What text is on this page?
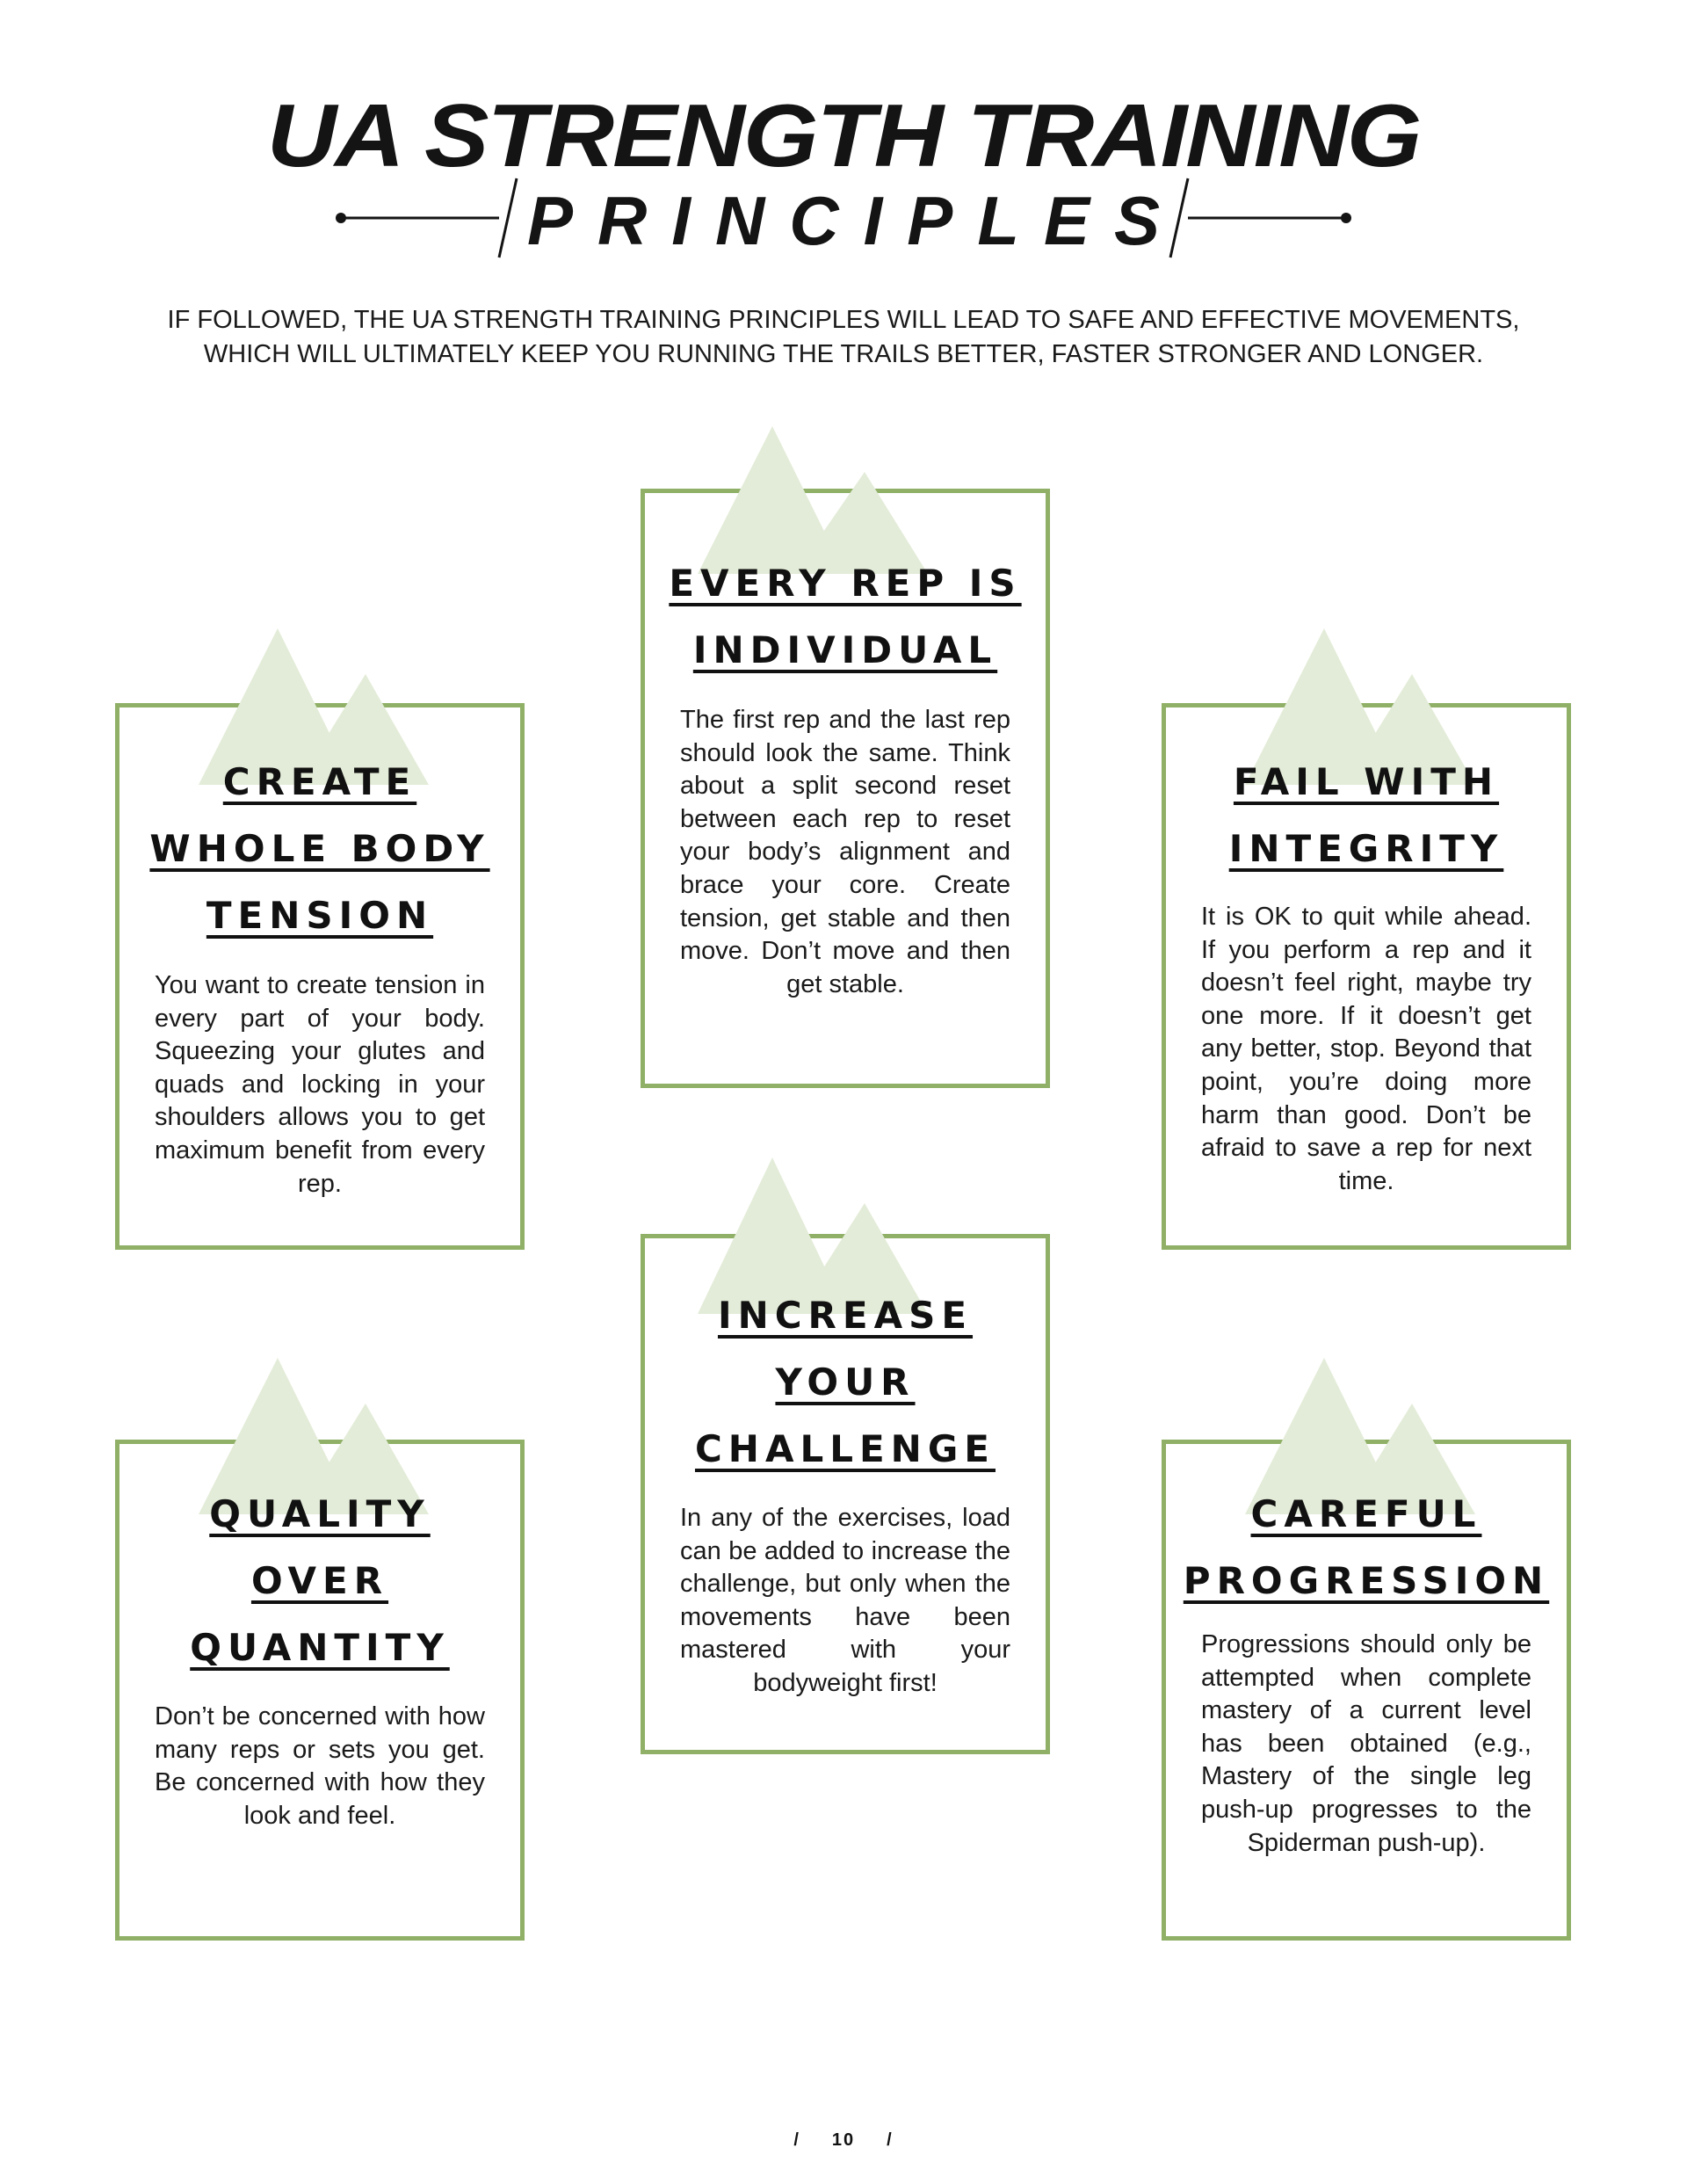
UA STRENGTH TRAINING
PRINCIPLES

IF FOLLOWED, THE UA STRENGTH TRAINING PRINCIPLES WILL LEAD TO SAFE AND EFFECTIVE MOVEMENTS,

WHICH WILL ULTIMATELY KEEP YOU RUNNING THE TRAILS BETTER, FASTER STRONGER AND LONGER.

EVERY REP IS
INDIVIDUAL
The first rep and the last rep should look the same. Think about a split second reset between each rep to reset your body’s alignment and brace your core. Create tension, get stable and then move. Don’t move and then get stable.
CREATE
WHOLE BODY
TENSION
You want to create tension in every part of your body. Squeezing your glutes and quads and locking in your shoulders allows you to get maximum benefit from every rep.
FAIL WITH
INTEGRITY
It is OK to quit while ahead. If you perform a rep and it doesn’t feel right, maybe try one more. If it doesn’t get any better, stop. Beyond that point, you’re doing more harm than good. Don’t be afraid to save a rep for next time.
INCREASE
YOUR
CHALLENGE
In any of the exercises, load can be added to increase the challenge, but only when the movements have been mastered with your bodyweight first!
QUALITY
OVER
QUANTITY
Don’t be concerned with how many reps or sets you get. Be concerned with how they look and feel.
CAREFUL
PROGRESSION
Progressions should only be attempted when complete mastery of a current level has been obtained (e.g., Mastery of the single leg push-up progresses to the Spiderman push-up).
/ 10 /
